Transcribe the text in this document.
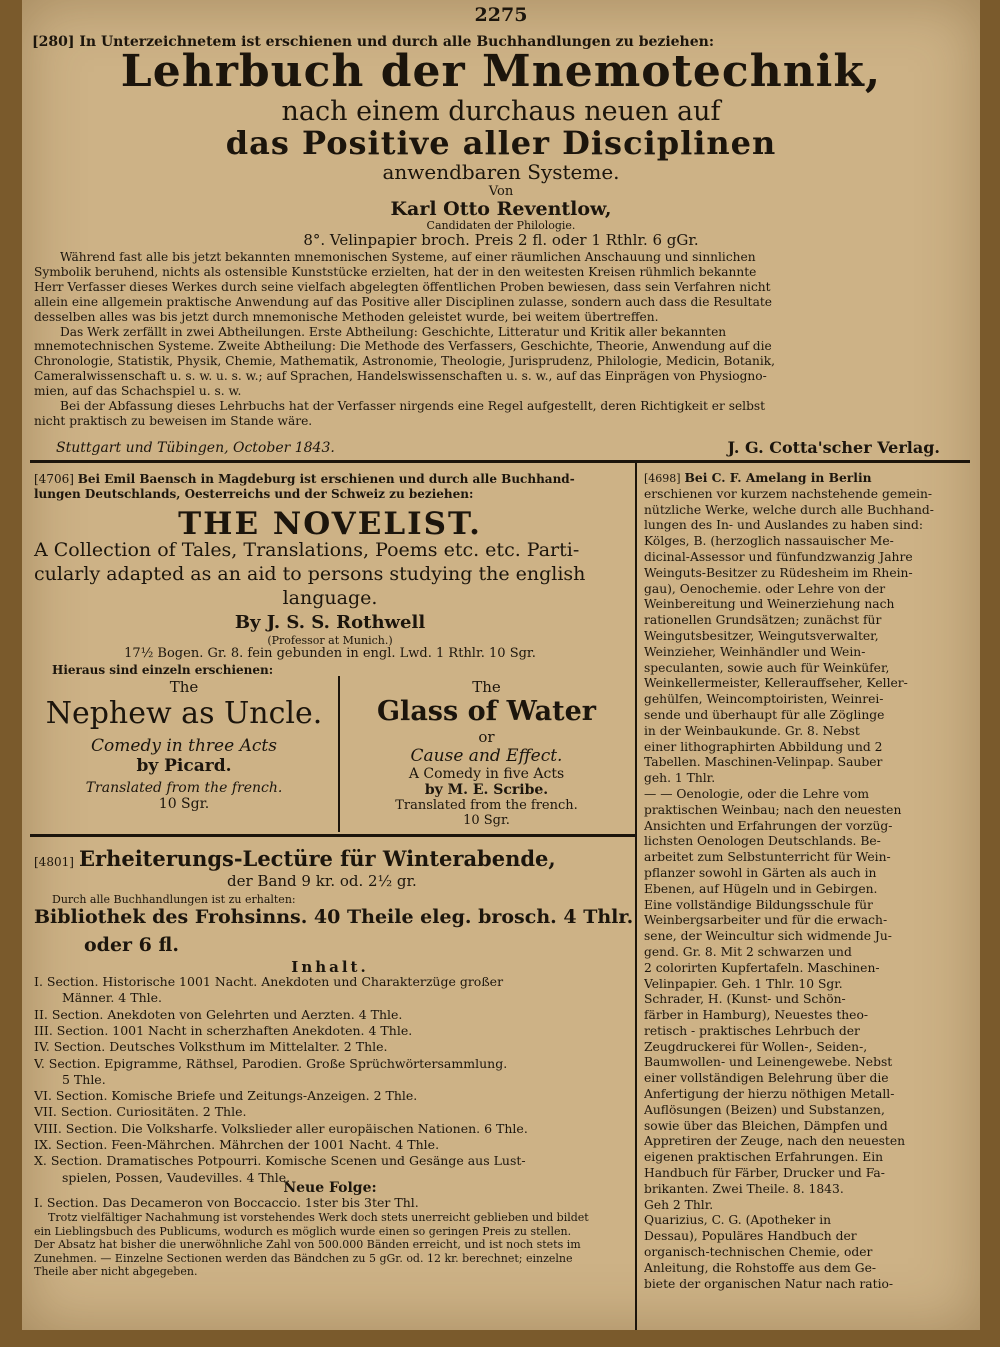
2275
[280] In Unterzeichnetem ist erschienen und durch alle Buchhandlungen zu beziehen:
Lehrbuch der Mnemotechnik,
nach einem durchaus neuen auf
das Positive aller Disciplinen
anwendbaren Systeme.
Von
Karl Otto Reventlow,
Candidaten der Philologie.
8°. Velinpapier broch. Preis 2 fl. oder 1 Rthlr. 6 gGr.
Während fast alle bis jetzt bekannten mnemonischen Systeme, auf einer räumlichen Anschauung und sinnlichen
Symbolik beruhend, nichts als ostensible Kunststücke erzielten, hat der in den weitesten Kreisen rühmlich bekannte
Herr Verfasser dieses Werkes durch seine vielfach abgelegten öffentlichen Proben bewiesen, dass sein Verfahren nicht
allein eine allgemein praktische Anwendung auf das Positive aller Disciplinen zulasse, sondern auch dass die Resultate
desselben alles was bis jetzt durch mnemonische Methoden geleistet wurde, bei weitem übertreffen.
Das Werk zerfällt in zwei Abtheilungen. Erste Abtheilung: Geschichte, Litteratur und Kritik aller bekannten
mnemotechnischen Systeme. Zweite Abtheilung: Die Methode des Verfassers, Geschichte, Theorie, Anwendung auf die
Chronologie, Statistik, Physik, Chemie, Mathematik, Astronomie, Theologie, Jurisprudenz, Philologie, Medicin, Botanik,
Cameralwissenschaft u. s. w. u. s. w.; auf Sprachen, Handelswissenschaften u. s. w., auf das Einprägen von Physiogno-
mien, auf das Schachspiel u. s. w.
Bei der Abfassung dieses Lehrbuchs hat der Verfasser nirgends eine Regel aufgestellt, deren Richtigkeit er selbst
nicht praktisch zu beweisen im Stande wäre.
Stuttgart und Tübingen, October 1843.	J. G. Cotta'scher Verlag.
[4706] Bei Emil Baensch in Magdeburg ist erschienen und durch alle Buchhand-
lungen Deutschlands, Oesterreichs und der Schweiz zu beziehen:
THE NOVELIST.
A Collection of Tales, Translations, Poems etc. etc. Parti-
cularly adapted as an aid to persons studying the english
language.
By J. S. S. Rothwell
(Professor at Munich.)
17½ Bogen. Gr. 8. fein gebunden in engl. Lwd. 1 Rthlr. 10 Sgr.
Hieraus sind einzeln erschienen:
The
Nephew as Uncle.
Comedy in three Acts
by Picard.
Translated from the french.
10 Sgr.
The
Glass of Water
or
Cause and Effect.
A Comedy in five Acts
by M. E. Scribe.
Translated from the french.
10 Sgr.
[4801] Erheiterungs-Lectüre für Winterabende,
der Band 9 kr. od. 2½ gr.
Durch alle Buchhandlungen ist zu erhalten:
Bibliothek des Frohsinns. 40 Theile eleg. brosch. 4 Thlr.
oder 6 fl.
Inhalt.
I. Section. Historische 1001 Nacht. Anekdoten und Charakterzüge großer
Männer. 4 Thle.
II. Section. Anekdoten von Gelehrten und Aerzten. 4 Thle.
III. Section. 1001 Nacht in scherzhaften Anekdoten. 4 Thle.
IV. Section. Deutsches Volksthum im Mittelalter. 2 Thle.
V. Section. Epigramme, Räthsel, Parodien. Große Sprüchwörtersammlung.
5 Thle.
VI. Section. Komische Briefe und Zeitungs-Anzeigen. 2 Thle.
VII. Section. Curiositäten. 2 Thle.
VIII. Section. Die Volksharfe. Volkslieder aller europäischen Nationen. 6 Thle.
IX. Section. Feen-Mährchen. Mährchen der 1001 Nacht. 4 Thle.
X. Section. Dramatisches Potpourri. Komische Scenen und Gesänge aus Lust-
spielen, Possen, Vaudevilles. 4 Thle.
Neue Folge:
I. Section. Das Decameron von Boccaccio. 1ster bis 3ter Thl.
Trotz vielfältiger Nachahmung ist vorstehendes Werk doch stets unerreicht geblieben und bildet
ein Lieblingsbuch des Publicums, wodurch es möglich wurde einen so geringen Preis zu stellen.
Der Absatz hat bisher die unerwöhnliche Zahl von 500.000 Bänden erreicht, und ist noch stets im
Zunehmen. — Einzelne Sectionen werden das Bändchen zu 5 gGr. od. 12 kr. berechnet; einzelne
Theile aber nicht abgegeben.
[4698] Bei C. F. Amelang in Berlin
erschienen vor kurzem nachstehende gemein-
nützliche Werke, welche durch alle Buchhand-
lungen des In- und Auslandes zu haben sind:
Kölges, B. (herzoglich nassauischer Me-
dicinal-Assessor und fünfundzwanzig Jahre
Weinguts-Besitzer zu Rüdesheim im Rhein-
gau), Oenochemie. oder Lehre von der
Weinbereitung und Weinerziehung nach
rationellen Grundsätzen; zunächst für
Weingutsbesitzer, Weingutsverwalter,
Weinzieher, Weinhändler und Wein-
speculanten, sowie auch für Weinküfer,
Weinkellermeister, Kellerauffseher, Keller-
gehülfen, Weincomptoiristen, Weinrei-
sende und überhaupt für alle Zöglinge
in der Weinbaukunde. Gr. 8. Nebst
einer lithographirten Abbildung und 2
Tabellen. Maschinen-Velinpap. Sauber
geh. 1 Thlr.
— — Oenologie, oder die Lehre vom
praktischen Weinbau; nach den neuesten
Ansichten und Erfahrungen der vorzüg-
lichsten Oenologen Deutschlands. Be-
arbeitet zum Selbstunterricht für Wein-
pflanzer sowohl in Gärten als auch in
Ebenen, auf Hügeln und in Gebirgen.
Eine vollständige Bildungsschule für
Weinbergsarbeiter und für die erwach-
sene, der Weincultur sich widmende Ju-
gend. Gr. 8. Mit 2 schwarzen und
2 colorirten Kupfertafeln. Maschinen-
Velinpapier. Geh. 1 Thlr. 10 Sgr.
Schrader, H. (Kunst- und Schön-
färber in Hamburg), Neuestes theo-
retisch - praktisches Lehrbuch der
Zeugdruckerei für Wollen-, Seiden-,
Baumwollen- und Leinengewebe. Nebst
einer vollständigen Belehrung über die
Anfertigung der hierzu nöthigen Metall-
Auflösungen (Beizen) und Substanzen,
sowie über das Bleichen, Dämpfen und
Appretiren der Zeuge, nach den neuesten
eigenen praktischen Erfahrungen. Ein
Handbuch für Färber, Drucker und Fa-
brikanten. Zwei Theile. 8. 1843.
Geh 2 Thlr.
Quarizius, C. G. (Apotheker in
Dessau), Populäres Handbuch der
organisch-technischen Chemie, oder
Anleitung, die Rohstoffe aus dem Ge-
biete der organischen Natur nach ratio-
